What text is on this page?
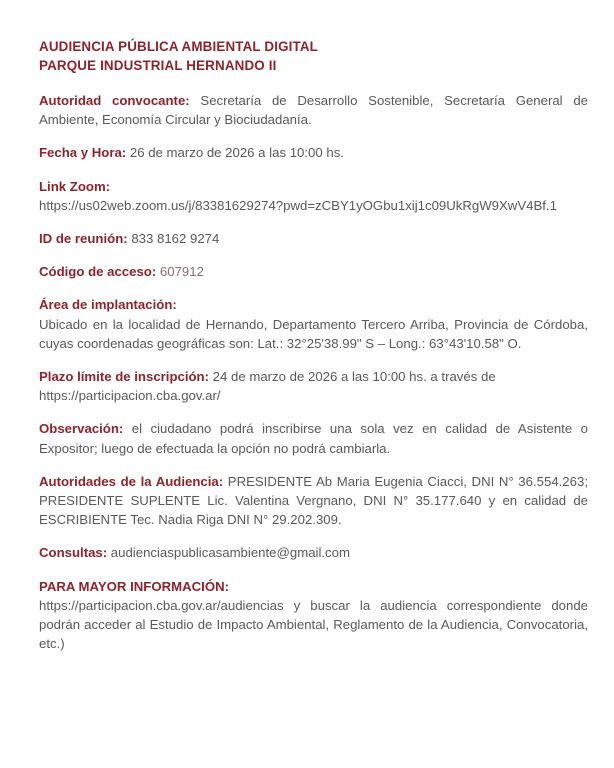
AUDIENCIA PÚBLICA AMBIENTAL DIGITAL
PARQUE INDUSTRIAL HERNANDO II

Autoridad convocante: Secretaría de Desarrollo Sostenible, Secretaría General de Ambiente, Economía Circular y Biociudadanía.

Fecha y Hora: 26 de marzo de 2026 a las 10:00 hs.

Link Zoom:

https://us02web.zoom.us/j/83381629274?pwd=zCBY1yOGbu1xij1c09UkRgW9XwV4Bf.1

ID de reunión: 833 8162 9274

Código de acceso: 607912

Área de implantación:

Ubicado en la localidad de Hernando, Departamento Tercero Arriba, Provincia de Córdoba, cuyas coordenadas geográficas son: Lat.: 32°25'38.99" S – Long.: 63°43'10.58" O.

Plazo límite de inscripción: 24 de marzo de 2026 a las 10:00 hs. a través de

https://participacion.cba.gov.ar/

Observación: el ciudadano podrá inscribirse una sola vez en calidad de Asistente o Expositor; luego de efectuada la opción no podrá cambiarla.

Autoridades de la Audiencia: PRESIDENTE Ab Maria Eugenia Ciacci, DNI N° 36.554.263; PRESIDENTE SUPLENTE Lic. Valentina Vergnano, DNI N° 35.177.640 y en calidad de ESCRIBIENTE Tec. Nadia Riga DNI N° 29.202.309.

Consultas: audienciaspublicasambiente@gmail.com

PARA MAYOR INFORMACIÓN:

https://participacion.cba.gov.ar/audiencias y buscar la audiencia correspondiente donde podrán acceder al Estudio de Impacto Ambiental, Reglamento de la Audiencia, Convocatoria, etc.)
